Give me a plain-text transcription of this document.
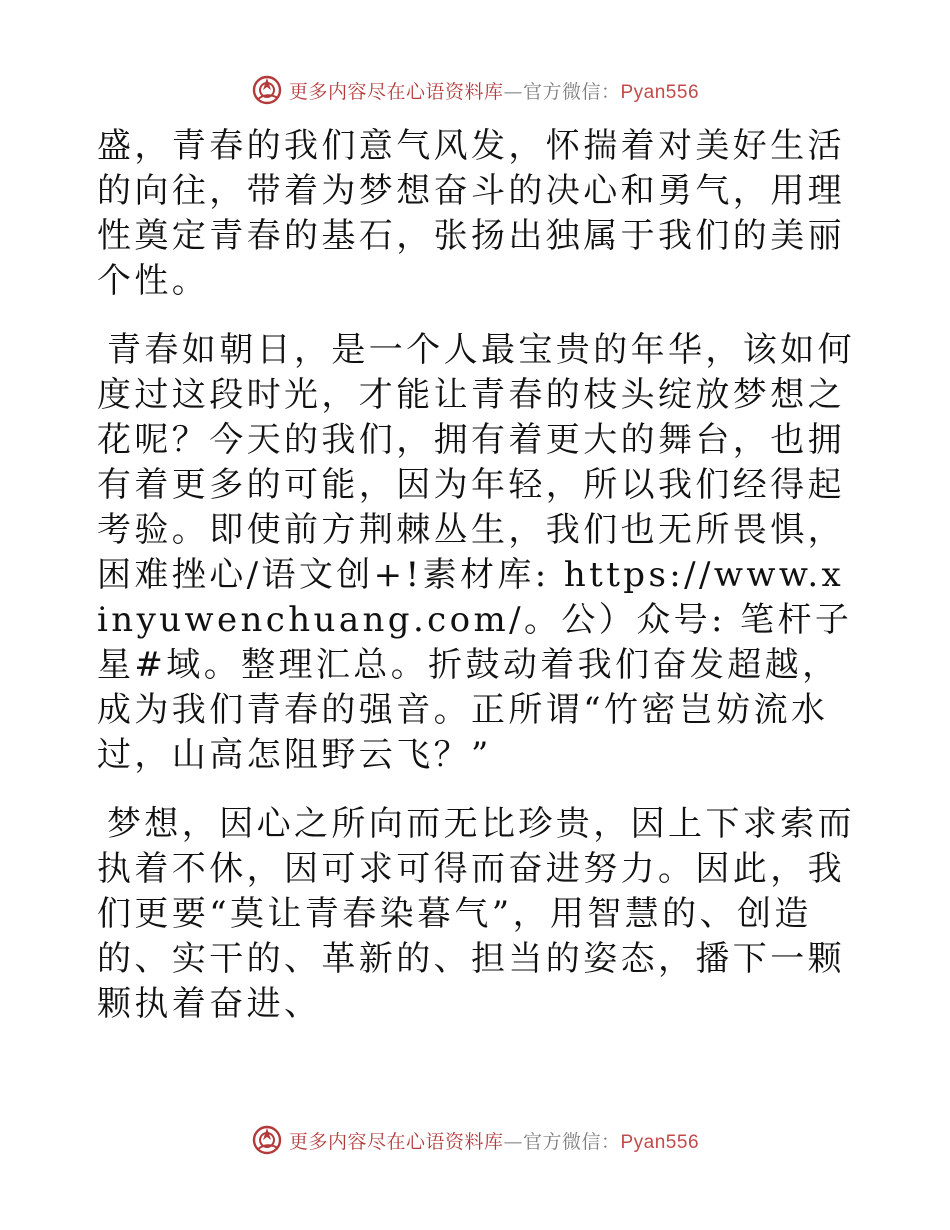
更多内容尽在心语资料库—官方微信：Pyan556

盛，青春的我们意气风发，怀揣着对美好生活的向往，带着为梦想奋斗的决心和勇气，用理性奠定青春的基石，张扬出独属于我们的美丽个性。

青春如朝日，是一个人最宝贵的年华，该如何度过这段时光，才能让青春的枝头绽放梦想之花呢？今天的我们，拥有着更大的舞台，也拥有着更多的可能，因为年轻，所以我们经得起考验。即使前方荆棘丛生，我们也无所畏惧，困难挫心/语文创+!素材库: https://www.xinyuwenchuang.com/。公）众号: 笔杆子星#域。整理汇总。折鼓动着我们奋发超越，成为我们青春的强音。正所谓“竹密岂妨流水过，山高怎阻野云飞？”

梦想，因心之所向而无比珍贵，因上下求索而执着不休，因可求可得而奋进努力。因此，我们更要“莫让青春染暮气”，用智慧的、创造的、实干的、革新的、担当的姿态，播下一颗颗执着奋进、

更多内容尽在心语资料库—官方微信：Pyan556
